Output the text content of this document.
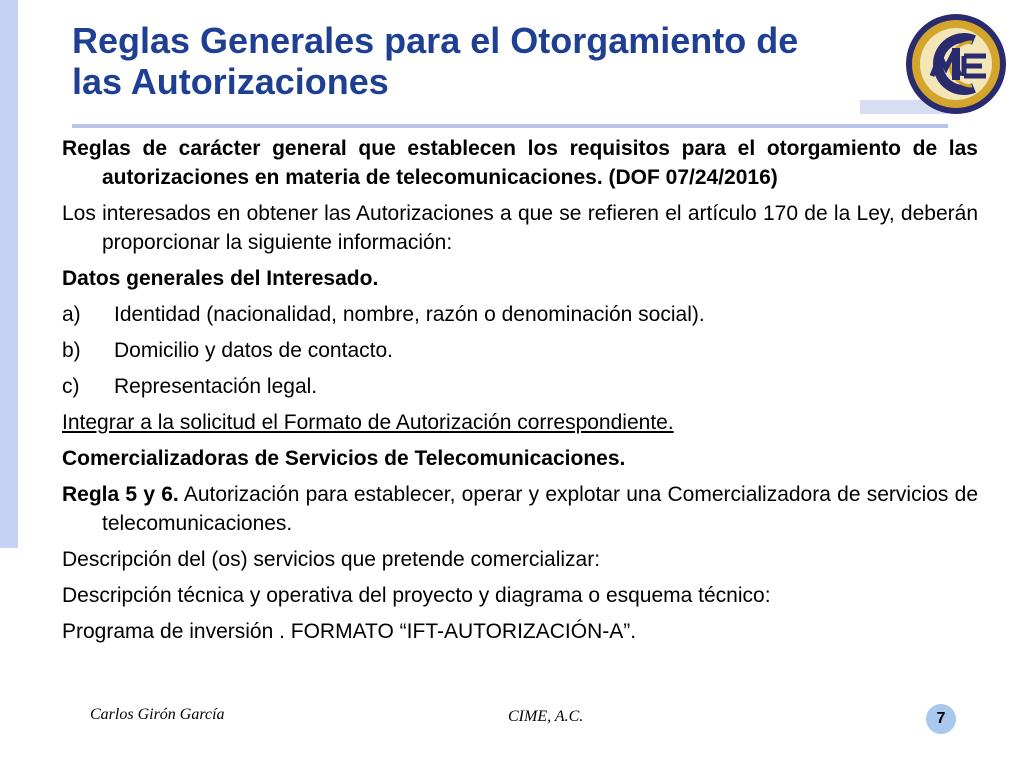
Reglas Generales para el Otorgamiento de
las Autorizaciones

Reglas de carácter general que establecen los requisitos para el otorgamiento de las autorizaciones en materia de telecomunicaciones. (DOF 07/24/2016)

Los interesados en obtener las Autorizaciones a que se refieren el artículo 170 de la Ley, deberán proporcionar la siguiente información:

Datos generales del Interesado.

a)	Identidad (nacionalidad, nombre, razón o denominación social).
b)	Domicilio y datos de contacto.
c)	Representación legal.

Integrar a la solicitud el Formato de Autorización correspondiente.

Comercializadoras de Servicios de Telecomunicaciones.

Regla 5 y 6. Autorización para establecer, operar y explotar una Comercializadora de servicios de telecomunicaciones.

Descripción del (os) servicios que pretende comercializar:

Descripción técnica y operativa del proyecto y diagrama o esquema técnico:

Programa de inversión . FORMATO “IFT-AUTORIZACIÓN-A”.

Carlos Girón García	CIME, A.C.	7
